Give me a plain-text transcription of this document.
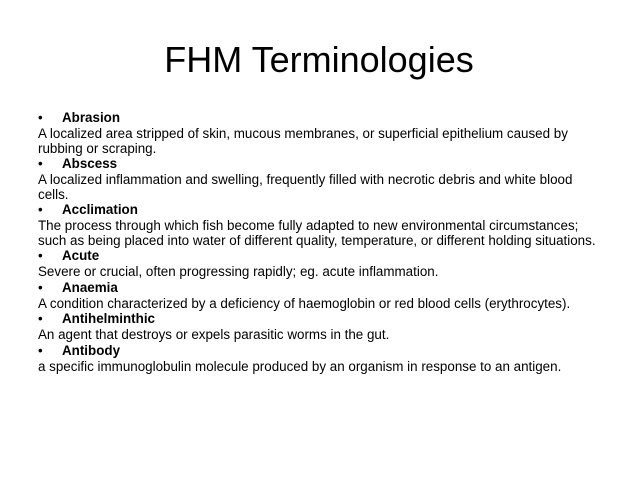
FHM Terminologies
• Abrasion
A localized area stripped of skin, mucous membranes, or superficial epithelium caused by rubbing or scraping.
• Abscess
A localized inflammation and swelling, frequently filled with necrotic debris and white blood cells.
• Acclimation
The process through which fish become fully adapted to new environmental circumstances; such as being placed into water of different quality, temperature, or different holding situations.
• Acute
Severe or crucial, often progressing rapidly; eg. acute inflammation.
• Anaemia
A condition characterized by a deficiency of haemoglobin or red blood cells (erythrocytes).
• Antihelminthic
An agent that destroys or expels parasitic worms in the gut.
• Antibody
a specific immunoglobulin molecule produced by an organism in response to an antigen.
